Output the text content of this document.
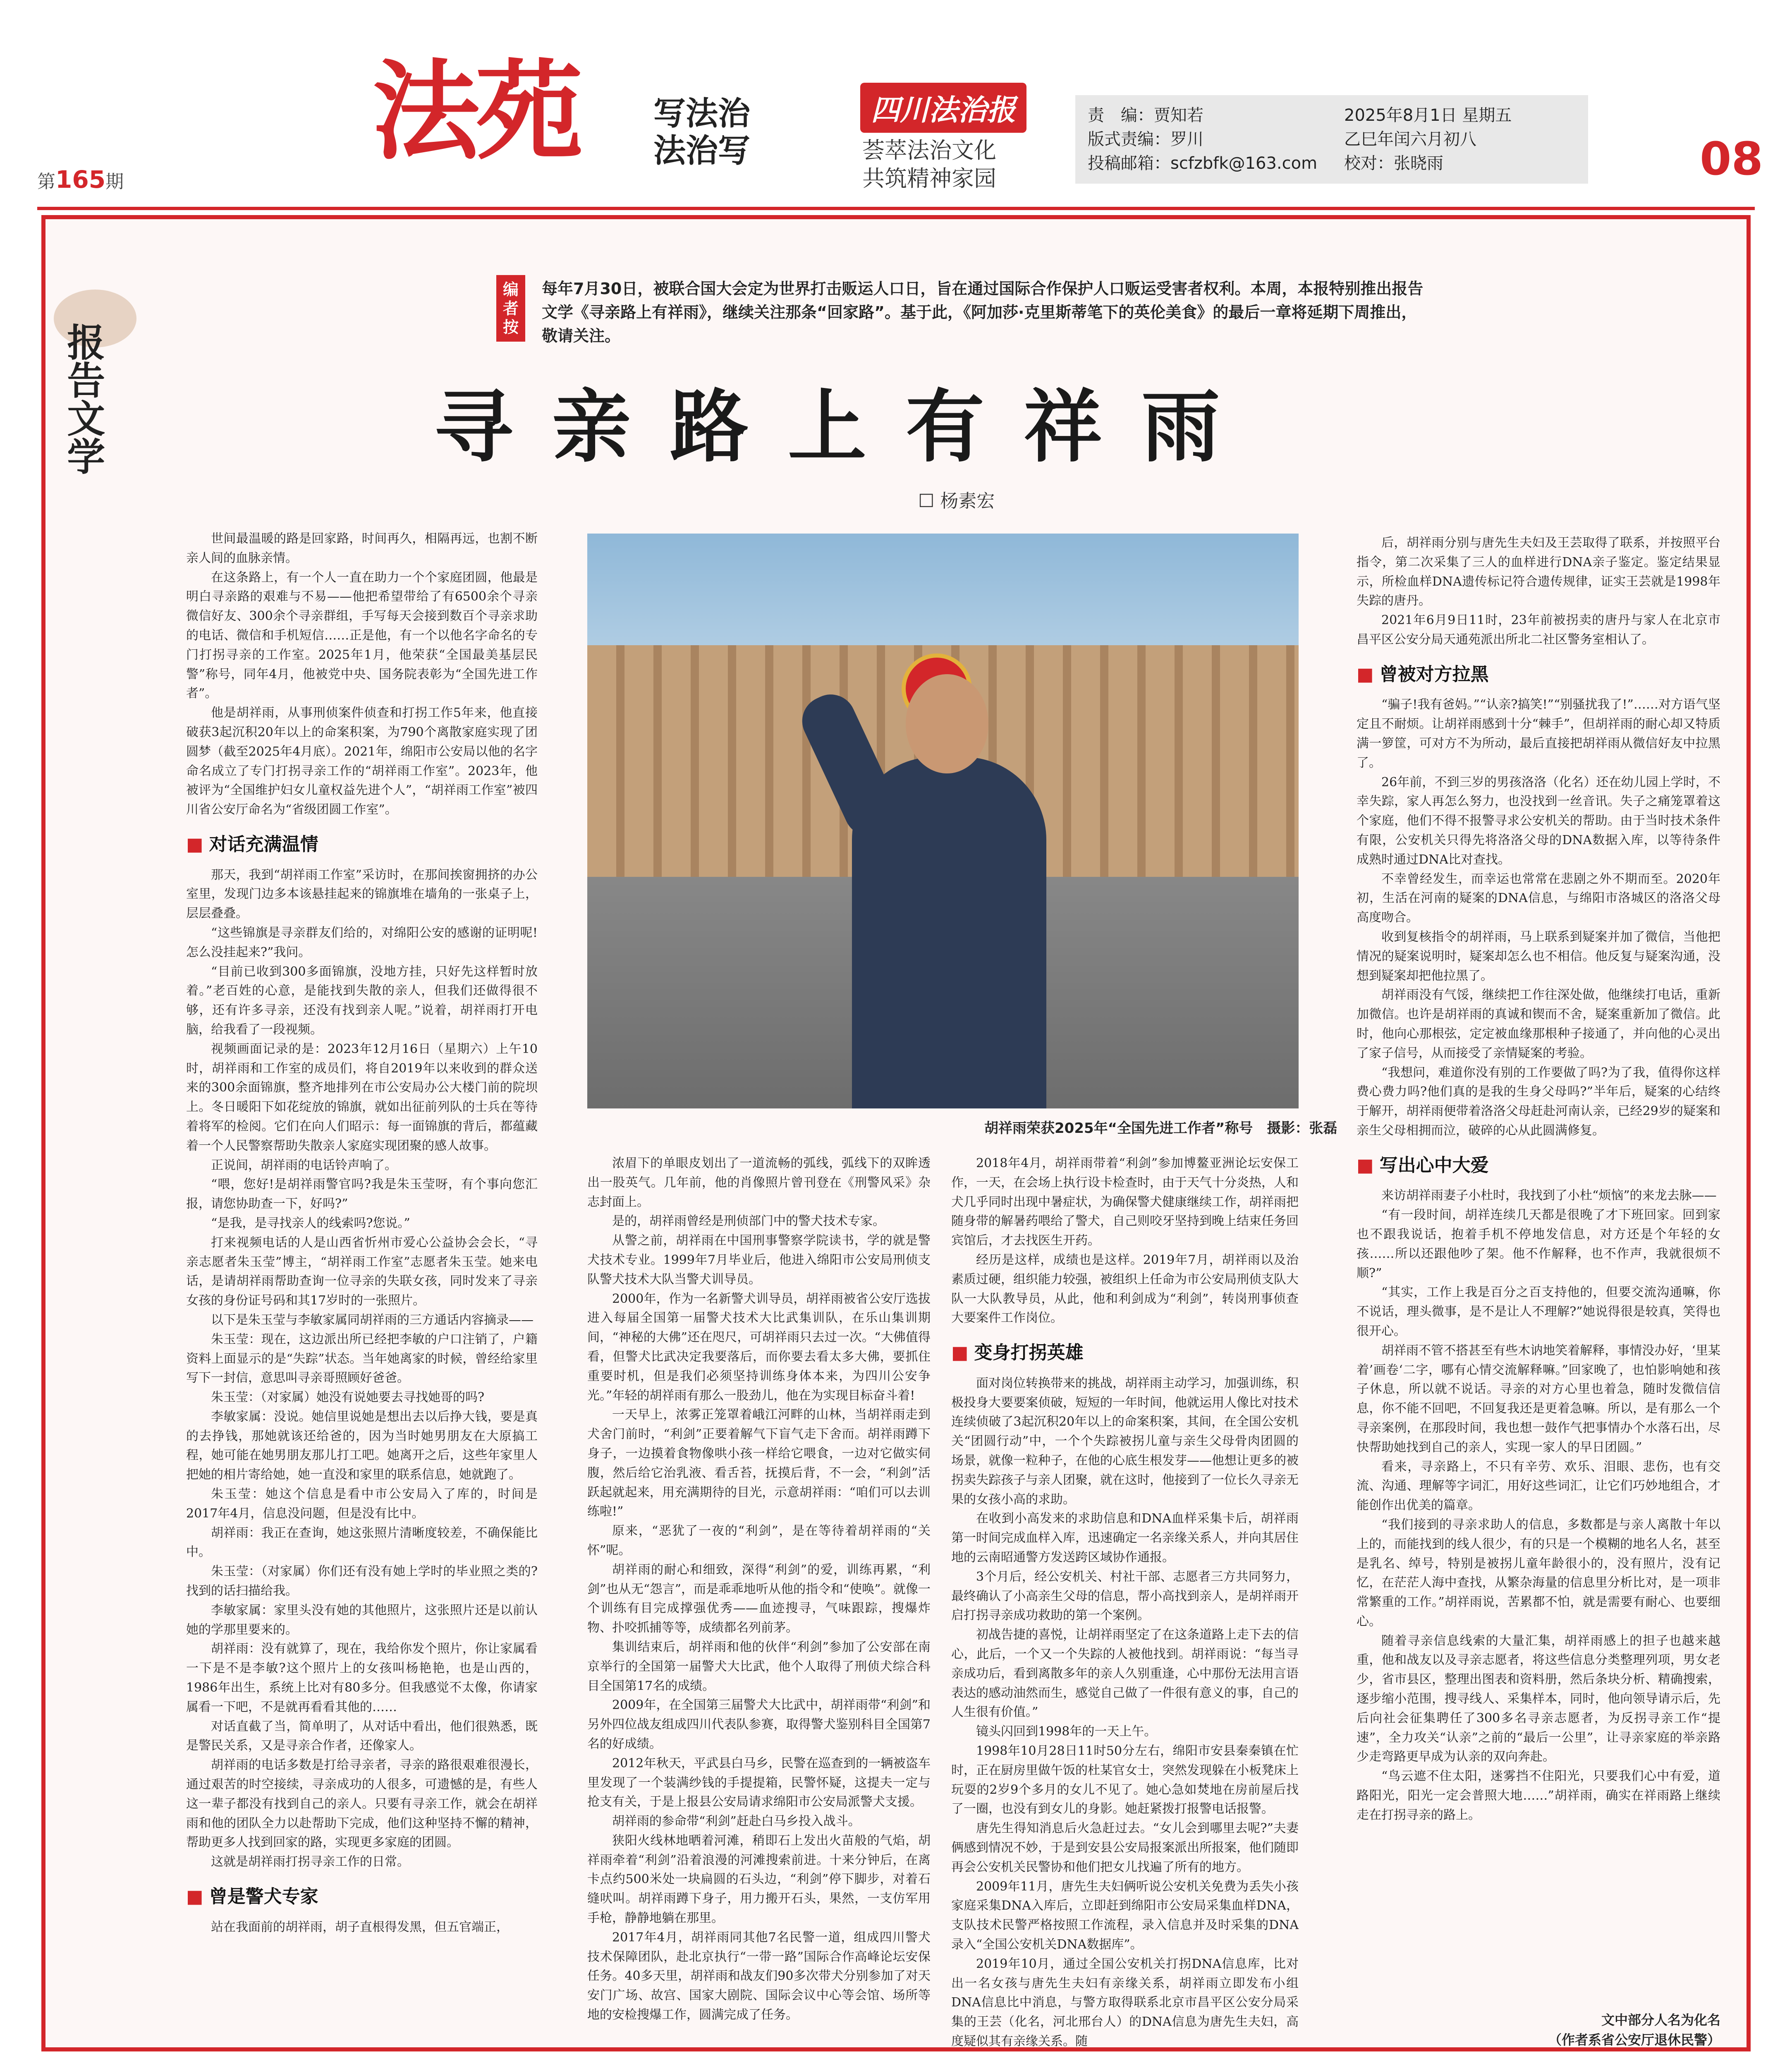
第165期
法苑 写法治
法治写
四川法治报
荟萃法治文化
共筑精神家园
责　编：贾知若
版式责编：罗川
投稿邮箱：scfzbfk@163.com
2025年8月1日 星期五
乙巳年闰六月初八
校对：张晓雨	08
报告文学
编者按
每年7月30日，被联合国大会定为世界打击贩运人口日，旨在通过国际合作保护人口贩运受害者权利。本周，本报特别推出报告文学《寻亲路上有祥雨》，继续关注那条“回家路”。基于此，《阿加莎·克里斯蒂笔下的英伦美食》的最后一章将延期下周推出，敬请关注。
寻亲路上有祥雨
☐ 杨素宏

世间最温暖的路是回家路，时间再久，相隔再远，也割不断亲人间的血脉亲情。

在这条路上，有一个人一直在助力一个个家庭团圆，他最是明白寻亲路的艰难与不易——他把希望带给了有6500余个寻亲微信好友、300余个寻亲群组，手写每天会接到数百个寻亲求助的电话、微信和手机短信……正是他，有一个以他名字命名的专门打拐寻亲的工作室。2025年1月，他荣获“全国最美基层民警”称号，同年4月，他被党中央、国务院表彰为“全国先进工作者”。

他是胡祥雨，从事刑侦案件侦查和打拐工作5年来，他直接破获3起沉积20年以上的命案积案，为790个离散家庭实现了团圆梦（截至2025年4月底）。2021年，绵阳市公安局以他的名字命名成立了专门打拐寻亲工作的“胡祥雨工作室”。2023年，他被评为“全国维护妇女儿童权益先进个人”，“胡祥雨工作室”被四川省公安厅命名为“省级团圆工作室”。

■ 对话充满温情

那天，我到“胡祥雨工作室”采访时，在那间挨窗拥挤的办公室里，发现门边多本该悬挂起来的锦旗堆在墙角的一张桌子上，层层叠叠。

“这些锦旗是寻亲群友们给的，对绵阳公安的感谢的证明呢!怎么没挂起来?”我问。

“目前已收到300多面锦旗，没地方挂，只好先这样暂时放着。”老百姓的心意，是能找到失散的亲人，但我们还做得很不够，还有许多寻亲，还没有找到亲人呢。”说着，胡祥雨打开电脑，给我看了一段视频。

视频画面记录的是：2023年12月16日（星期六）上午10时，胡祥雨和工作室的成员们，将自2019年以来收到的群众送来的300余面锦旗，整齐地排列在市公安局办公大楼门前的院坝上。冬日暖阳下如花绽放的锦旗，就如出征前列队的士兵在等待着将军的检阅。它们在向人们昭示：每一面锦旗的背后，都蕴藏着一个人民警察帮助失散亲人家庭实现团聚的感人故事。

正说间，胡祥雨的电话铃声响了。

“喂，您好!是胡祥雨警官吗?我是朱玉莹呀，有个事向您汇报，请您协助查一下，好吗?”

“是我，是寻找亲人的线索吗?您说。”

打来视频电话的人是山西省忻州市爱心公益协会会长，“寻亲志愿者朱玉莹”博主，“胡祥雨工作室”志愿者朱玉莹。她来电话，是请胡祥雨帮助查询一位寻亲的失联女孩，同时发来了寻亲女孩的身份证号码和其17岁时的一张照片。

以下是朱玉莹与李敏家属同胡祥雨的三方通话内容摘录——

朱玉莹：现在，这边派出所已经把李敏的户口注销了，户籍资料上面显示的是“失踪”状态。当年她离家的时候，曾经给家里写下一封信，意思叫寻亲哥照顾好爸爸。

朱玉莹：（对家属）她没有说她要去寻找她哥的吗?

李敏家属：没说。她信里说她是想出去以后挣大钱，要是真的去挣钱，那她就该还给爸的，因为当时她男朋友在大原搞工程，她可能在她男朋友那儿打工吧。她离开之后，这些年家里人把她的相片寄给她，她一直没和家里的联系信息，她就跑了。

朱玉莹：她这个信息是看中市公安局入了库的，时间是2017年4月，信息没问题，但是没有比中。

胡祥雨：我正在查询，她这张照片清晰度较差，不确保能比中。

朱玉莹：（对家属）你们还有没有她上学时的毕业照之类的?找到的话扫描给我。

李敏家属：家里头没有她的其他照片，这张照片还是以前认她的学那里要来的。

胡祥雨：没有就算了，现在，我给你发个照片，你让家属看一下是不是李敏?这个照片上的女孩叫杨艳艳，也是山西的，1986年出生，系统上比对有80多分。但我感觉不太像，你请家属看一下吧，不是就再看看其他的……

对话直截了当，简单明了，从对话中看出，他们很熟悉，既是警民关系，又是寻亲合作者，还像家人。

胡祥雨的电话多数是打给寻亲者，寻亲的路很艰难很漫长，通过艰苦的时空接续，寻亲成功的人很多，可遗憾的是，有些人这一辈子都没有找到自己的亲人。只要有寻亲工作，就会在胡祥雨和他的团队全力以赴帮助下完成，他们这种坚持不懈的精神，帮助更多人找到回家的路，实现更多家庭的团圆。

这就是胡祥雨打拐寻亲工作的日常。

■ 曾是警犬专家

站在我面前的胡祥雨，胡子直根得发黑，但五官端正，

胡祥雨荣获2025年“全国先进工作者”称号　摄影：张磊

浓眉下的单眼皮划出了一道流畅的弧线，弧线下的双眸透出一股英气。几年前，他的肖像照片曾刊登在《刑警风采》杂志封面上。

是的，胡祥雨曾经是刑侦部门中的警犬技术专家。

从警之前，胡祥雨在中国刑事警察学院读书，学的就是警犬技术专业。1999年7月毕业后，他进入绵阳市公安局刑侦支队警犬技术大队当警犬训导员。

2000年，作为一名新警犬训导员，胡祥雨被省公安厅选拔进入每届全国第一届警犬技术大比武集训队，在乐山集训期间，“神秘的大佛”还在咫尺，可胡祥雨只去过一次。“大佛值得看，但警犬比武决定我要落后，而你要去看太多大佛，要抓住重要时机，但是我们必须坚持训练身体本来，为四川公安争光。”年轻的胡祥雨有那么一股劲儿，他在为实现目标奋斗着!

一天早上，浓雾正笼罩着峨江河畔的山林，当胡祥雨走到犬舍门前时，“利剑”正要着解气下盲气走下舍而。胡祥雨蹲下身子，一边摸着食物像哄小孩一样给它喂食，一边对它做实伺腹，然后给它治乳液、看舌苔，抚摸后背，不一会，“利剑”活跃起就起来，用充满期待的目光，示意胡祥雨：“咱们可以去训练啦!”

原来，“恶犹了一夜的“利剑”，是在等待着胡祥雨的“关怀”呢。

胡祥雨的耐心和细致，深得“利剑”的爱，训练再累，“利剑”也从无“怨言”，而是乖乖地听从他的指令和“使唤”。就像一个训练有目完成撑强优秀——血迹搜寻，气味跟踪，搜爆炸物、扑咬抓捕等等，成绩都名列前茅。

集训结束后，胡祥雨和他的伙伴“利剑”参加了公安部在南京举行的全国第一届警犬大比武，他个人取得了刑侦犬综合科目全国第17名的成绩。

2009年，在全国第三届警犬大比武中，胡祥雨带“利剑”和另外四位战友组成四川代表队参赛，取得警犬鉴别科目全国第7名的好成绩。

2012年秋天，平武县白马乡，民警在巡查到的一辆被盗车里发现了一个装满纱钱的手提提箱，民警怀疑，这提夫一定与抢支有关，于是上报县公安局请求绵阳市公安局派警犬支援。

胡祥雨的参命带“利剑”赶赴白马乡投入战斗。

狭阳火线林地晒着河滩，稍即石上发出火苗般的气焰，胡祥雨牵着“利剑”沿着浪漫的河滩搜索前进。十来分钟后，在离卡点约500米处一块扁圆的石头边，“利剑”停下脚步，对着石缝吠叫。胡祥雨蹲下身子，用力搬开石头，果然，一支仿军用手枪，静静地躺在那里。

2017年4月，胡祥雨同其他7名民警一道，组成四川警犬技术保障团队，赴北京执行“一带一路”国际合作高峰论坛安保任务。40多天里，胡祥雨和战友们90多次带犬分别参加了对天安门广场、故宫、国家大剧院、国际会议中心等会馆、场所等地的安检搜爆工作，圆满完成了任务。

2018年4月，胡祥雨带着“利剑”参加博鳌亚洲论坛安保工作，一天，在会场上执行设卡检查时，由于天气十分炎热，人和犬几乎同时出现中暑症状，为确保警犬健康继续工作，胡祥雨把随身带的解暑药喂给了警犬，自己则咬牙坚持到晚上结束任务回宾馆后，才去找医生开药。

经历是这样，成绩也是这样。2019年7月，胡祥雨以及治素质过硬，组织能力较强，被组织上任命为市公安局刑侦支队大队一大队教导员，从此，他和利剑成为“利剑”，转岗刑事侦查大要案件工作岗位。

■ 变身打拐英雄

面对岗位转换带来的挑战，胡祥雨主动学习，加强训练，积极投身大要要案侦破，短短的一年时间，他就运用人像比对技术连续侦破了3起沉积20年以上的命案积案，其间，在全国公安机关“团圆行动”中，一个个失踪被拐儿童与亲生父母骨肉团圆的场景，就像一粒种子，在他的心底生根发芽——他想让更多的被拐卖失踪孩子与亲人团聚，就在这时，他接到了一位长久寻亲无果的女孩小高的求助。

在收到小高发来的求助信息和DNA血样采集卡后，胡祥雨第一时间完成血样入库，迅速确定一名亲缘关系人，并向其居住地的云南昭通警方发送跨区域协作通报。

3个月后，经公安机关、村社干部、志愿者三方共同努力，最终确认了小高亲生父母的信息，帮小高找到亲人，是胡祥雨开启打拐寻亲成功救助的第一个案例。

初战告捷的喜悦，让胡祥雨坚定了在这条道路上走下去的信心，此后，一个又一个失踪的人被他找到。胡祥雨说：“每当寻亲成功后，看到离散多年的亲人久别重逢，心中那份无法用言语表达的感动油然而生，感觉自己做了一件很有意义的事，自己的人生很有价值。”

镜头闪回到1998年的一天上午。

1998年10月28日11时50分左右，绵阳市安县秦秦镇在忙时，正在厨房里做午饭的杜某官女士，突然发现躲在小板凳床上玩耍的2岁9个多月的女儿不见了。她心急如焚地在房前屋后找了一圈，也没有到女儿的身影。她赶紧拨打报警电话报警。

唐先生得知消息后火急赶过去。“女儿会到哪里去呢?”夫妻俩感到情况不妙，于是到安县公安局报案派出所报案，他们随即再会公安机关民警协和他们把女儿找遍了所有的地方。

2009年11月，唐先生夫妇俩听说公安机关免费为丢失小孩家庭采集DNA入库后，立即赶到绵阳市公安局采集血样DNA，支队技术民警严格按照工作流程，录入信息并及时采集的DNA录入“全国公安机关DNA数据库”。

2019年10月，通过全国公安机关打拐DNA信息库，比对出一名女孩与唐先生夫妇有亲缘关系，胡祥雨立即发布小组DNA信息比中消息，与警方取得联系北京市昌平区公安分局采集的王芸（化名，河北邢台人）的DNA信息为唐先生夫妇，高度疑似其有亲缘关系。随

后，胡祥雨分别与唐先生夫妇及王芸取得了联系，并按照平台指令，第二次采集了三人的血样进行DNA亲子鉴定。鉴定结果显示，所检血样DNA遗传标记符合遗传规律，证实王芸就是1998年失踪的唐丹。

2021年6月9日11时，23年前被拐卖的唐丹与家人在北京市昌平区公安分局天通苑派出所北二社区警务室相认了。

■ 曾被对方拉黑

“骗子!我有爸妈。”“认亲?搞笑!”“别骚扰我了!”……对方语气坚定且不耐烦。让胡祥雨感到十分“棘手”，但胡祥雨的耐心却又特质满一箩筐，可对方不为所动，最后直接把胡祥雨从微信好友中拉黑了。

26年前，不到三岁的男孩洛洛（化名）还在幼儿园上学时，不幸失踪，家人再怎么努力，也没找到一丝音讯。失子之痛笼罩着这个家庭，他们不得不报警寻求公安机关的帮助。由于当时技术条件有限，公安机关只得先将洛洛父母的DNA数据入库，以等待条件成熟时通过DNA比对查找。

不幸曾经发生，而幸运也常常在悲剧之外不期而至。2020年初，生活在河南的疑案的DNA信息，与绵阳市洛城区的洛洛父母高度吻合。

收到复核指令的胡祥雨，马上联系到疑案并加了微信，当他把情况的疑案说明时，疑案却怎么也不相信。他反复与疑案沟通，没想到疑案却把他拉黑了。

胡祥雨没有气馁，继续把工作往深处做，他继续打电话，重新加微信。也许是胡祥雨的真诚和锲而不舍，疑案重新加了微信。此时，他向心那根弦，定定被血缘那根种子接通了，并向他的心灵出了家子信号，从而接受了亲情疑案的考验。

“我想问，难道你没有别的工作要做了吗?为了我，值得你这样费心费力吗?他们真的是我的生身父母吗?”半年后，疑案的心结终于解开，胡祥雨便带着洛洛父母赶赴河南认亲，已经29岁的疑案和亲生父母相拥而泣，破碎的心从此圆满修复。

■ 写出心中大爱

来访胡祥雨妻子小杜时，我找到了小杜“烦恼”的来龙去脉——

“有一段时间，胡祥连续几天都是很晚了才下班回家。回到家也不跟我说话，抱着手机不停地发信息，对方还是个年轻的女孩……所以还跟他吵了架。他不作解释，也不作声，我就很烦不顺?”

“其实，工作上我是百分之百支持他的，但要交流沟通嘛，你不说话，理头微事，是不是让人不理解?”她说得很是较真，笑得也很开心。

胡祥雨不管不搭甚至有些木讷地笑着解释，事情没办好，‘里某着’画卷‘二字，哪有心情交流解释嘛。”回家晚了，也怕影响她和孩子休息，所以就不说话。寻亲的对方心里也着急，随时发微信信息，你不能不回吧，不回复我还是更着急嘛。所以，是有那么一个寻亲案例，在那段时间，我也想一鼓作气把事情办个水落石出，尽快帮助她找到自己的亲人，实现一家人的早日团圆。”

看来，寻亲路上，不只有辛劳、欢乐、泪眼、悲伤，也有交流、沟通、理解等字词汇，用好这些词汇，让它们巧妙地组合，才能创作出优美的篇章。

“我们接到的寻亲求助人的信息，多数都是与亲人离散十年以上的，而能找到的线人很少，有的只是一个模糊的地名人名，甚至是乳名、绰号，特别是被拐儿童年龄很小的，没有照片，没有记忆，在茫茫人海中查找，从繁杂海量的信息里分析比对，是一项非常繁重的工作。”胡祥雨说，苦累都不怕，就是需要有耐心、也要细心。

随着寻亲信息线索的大量汇集，胡祥雨感上的担子也越来越重，他和战友以及寻亲志愿者，将这些信息分类整理列项，男女老少，省市县区，整理出图表和资料册，然后条块分析、精确搜索，逐步缩小范围，搜寻线人、采集样本，同时，他向领导请示后，先后向社会征集聘任了300多名寻亲志愿者，为反拐寻亲工作“提速”，全力攻关“认亲”之前的“最后一公里”，让寻亲家庭的举亲路少走弯路更早成为认亲的双向奔赴。

“鸟云遮不住太阳，迷雾挡不住阳光，只要我们心中有爱，道路阳光，阳光一定会普照大地……”胡祥雨，确实在祥雨路上继续走在打拐寻亲的路上。

文中部分人名为化名
（作者系省公安厅退休民警）
